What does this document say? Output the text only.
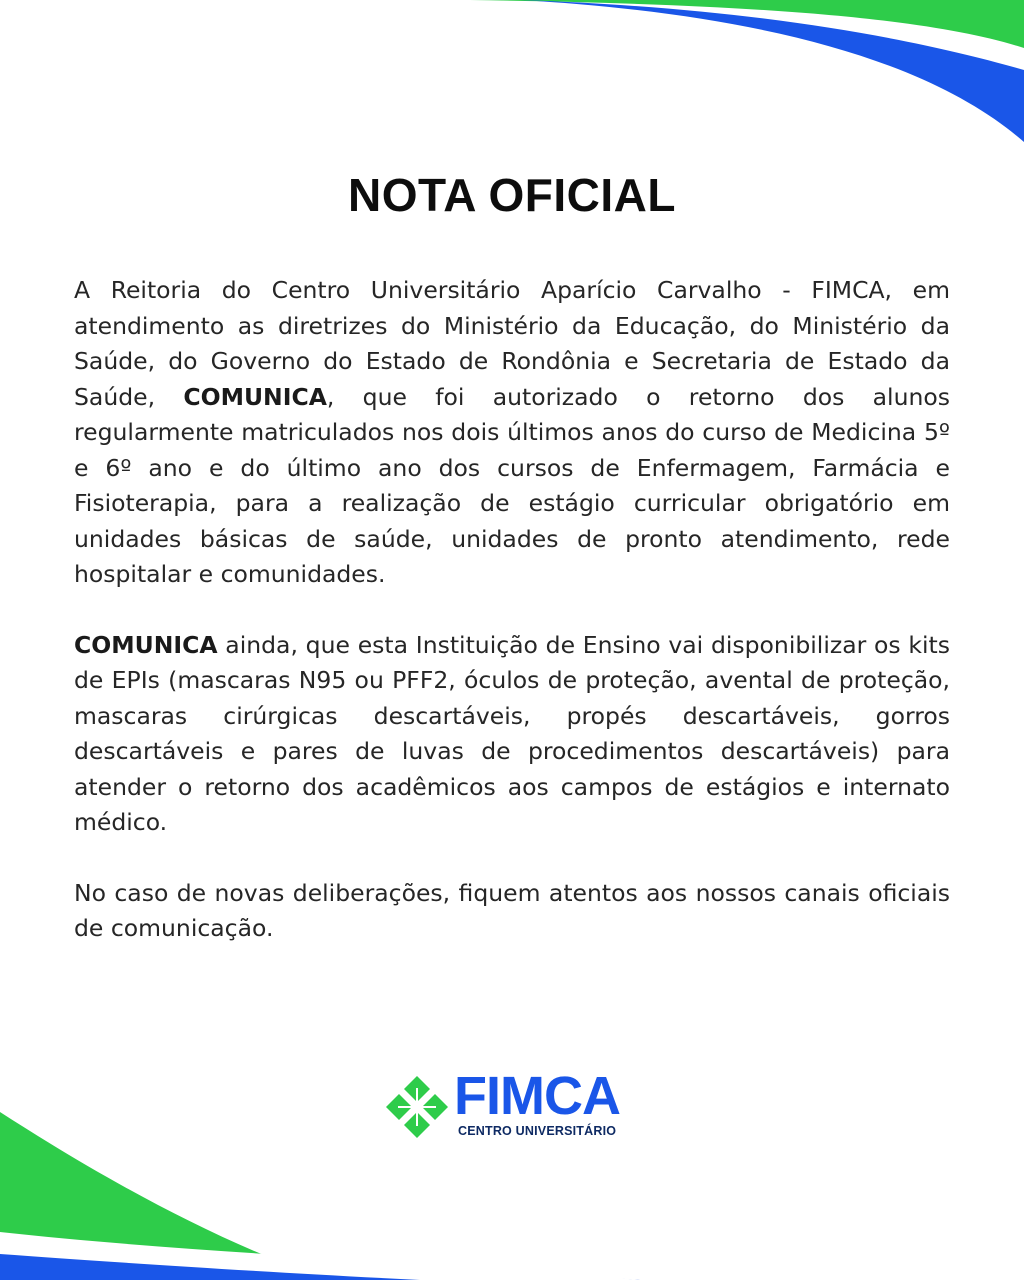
NOTA OFICIAL

A Reitoria do Centro Universitário Aparício Carvalho - FIMCA, em atendimento as diretrizes do Ministério da Educação, do Ministério da Saúde, do Governo do Estado de Rondônia e Secretaria de Estado da Saúde, COMUNICA, que foi autorizado o retorno dos alunos regularmente matriculados nos dois últimos anos do curso de Medicina 5º e 6º ano e do último ano dos cursos de Enfermagem, Farmácia e Fisioterapia, para a realização de estágio curricular obrigatório em unidades básicas de saúde, unidades de pronto atendimento, rede hospitalar e comunidades.

COMUNICA ainda, que esta Instituição de Ensino vai disponibilizar os kits de EPIs (mascaras N95 ou PFF2, óculos de proteção, avental de proteção, mascaras cirúrgicas descartáveis, propés descartáveis, gorros descartáveis e pares de luvas de procedimentos descartáveis) para atender o retorno dos acadêmicos aos campos de estágios e internato médico.

No caso de novas deliberações, fiquem atentos aos nossos canais oficiais de comunicação.

FIMCA
CENTRO UNIVERSITÁRIO
